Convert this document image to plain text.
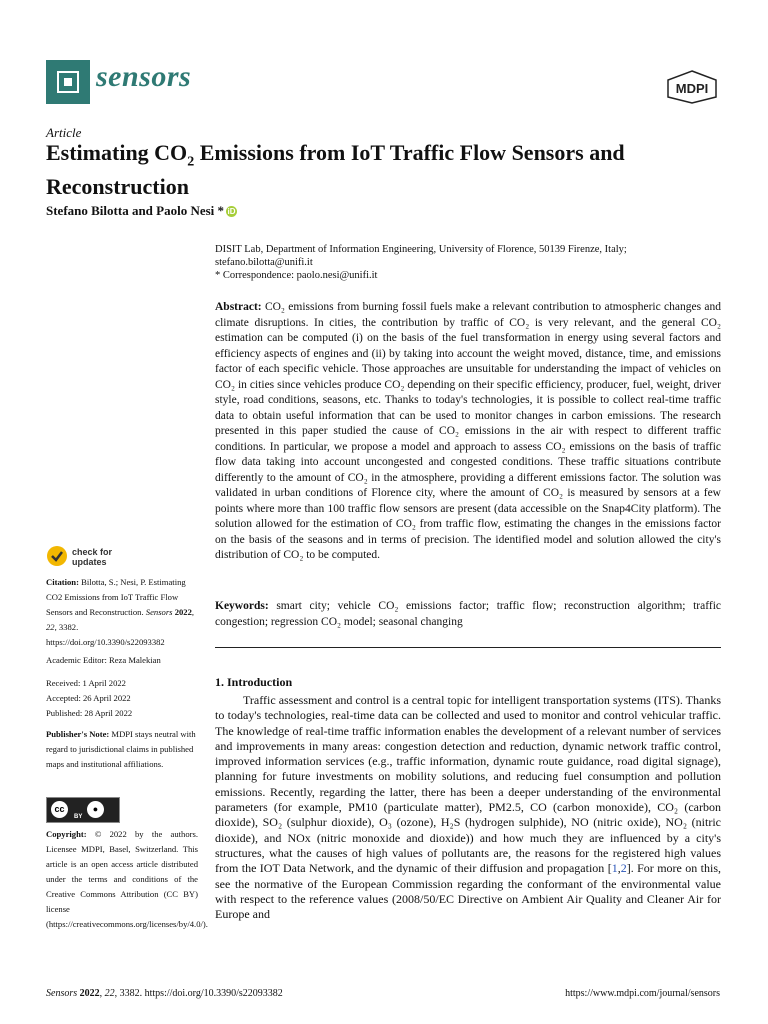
sensors	MDPI
Article
Estimating $CO_2$ Emissions from IoT Traffic Flow Sensors and Reconstruction
Stefano Bilotta and Paolo Nesi * iD
DISIT Lab, Department of Information Engineering, University of Florence, 50139 Firenze, Italy;
stefano.bilotta@unifi.it
* Correspondence: paolo.nesi@unifi.it
Abstract: CO₂ emissions from burning fossil fuels make a relevant contribution to atmospheric changes and climate disruptions. In cities, the contribution by traffic of CO₂ is very relevant, and the general CO₂ estimation can be computed (i) on the basis of the fuel transformation in energy using several factors and efficiency aspects of engines and (ii) by taking into account the weight moved, distance, time, and emissions factor of each specific vehicle. Those approaches are unsuitable for understanding the impact of vehicles on CO₂ in cities since vehicles produce CO₂ depending on their specific efficiency, producer, fuel, weight, driver style, road conditions, seasons, etc. Thanks to today's technologies, it is possible to collect real-time traffic data to obtain useful information that can be used to monitor changes in carbon emissions. The research presented in this paper studied the cause of CO₂ emissions in the air with respect to different traffic conditions. In particular, we propose a model and approach to assess CO₂ emissions on the basis of traffic flow data taking into account uncongested and congested conditions. These traffic situations contribute differently to the amount of CO₂ in the atmosphere, providing a different emissions factor. The solution was validated in urban conditions of Florence city, where the amount of CO₂ is measured by sensors at a few points where more than 100 traffic flow sensors are present (data accessible on the Snap4City platform). The solution allowed for the estimation of CO₂ from traffic flow, estimating the changes in the emissions factor on the basis of the seasons and in terms of precision. The identified model and solution allowed the city's distribution of CO₂ to be computed.
Keywords: smart city; vehicle CO₂ emissions factor; traffic flow; reconstruction algorithm; traffic congestion; regression CO₂ model; seasonal changing
1. Introduction

Traffic assessment and control is a central topic for intelligent transportation systems (ITS). Thanks to today's technologies, real-time data can be collected and used to monitor and control vehicular traffic. The knowledge of real-time traffic information enables the development of a relevant number of services and improvements in many areas: congestion detection and reduction, dynamic network traffic control, improved information services (e.g., traffic information, dynamic route guidance, road digital signage), planning for future investments on mobility solutions, and reducing fuel consumption and pollution emissions. Recently, regarding the latter, there has been a deeper understanding of the environmental parameters (for example, PM10 (particulate matter), PM2.5, CO (carbon monoxide), CO₂ (carbon dioxide), SO₂ (sulphur dioxide), O₃ (ozone), H₂S (hydrogen sulphide), NO (nitric oxide), NO₂ (nitric dioxide), and NOx (nitric monoxide and dioxide)) and how much they are influenced by a city's structures, what the causes of high values of pollutants are, the reasons for the registered high values from the IOT Data Network, and the dynamic of their diffusion and propagation [1,2]. For more on this, see the normative of the European Commission regarding the conformant of the environmental value with respect to the reference values (2008/50/EC Directive on Ambient Air Quality and Cleaner Air for Europe and

check for
updates
Citation: Bilotta, S.; Nesi, P. Estimating CO2 Emissions from IoT Traffic Flow Sensors and Reconstruction. Sensors 2022, 22, 3382. https://doi.org/10.3390/s22093382
Academic Editor: Reza Malekian
Received: 1 April 2022
Accepted: 26 April 2022
Published: 28 April 2022
Publisher's Note: MDPI stays neutral with regard to jurisdictional claims in published maps and institutional affiliations.
cc	●
BY
Copyright: © 2022 by the authors. Licensee MDPI, Basel, Switzerland. This article is an open access article distributed under the terms and conditions of the Creative Commons Attribution (CC BY) license (https://creativecommons.org/licenses/by/4.0/).
Sensors 2022, 22, 3382. https://doi.org/10.3390/s22093382	https://www.mdpi.com/journal/sensors
